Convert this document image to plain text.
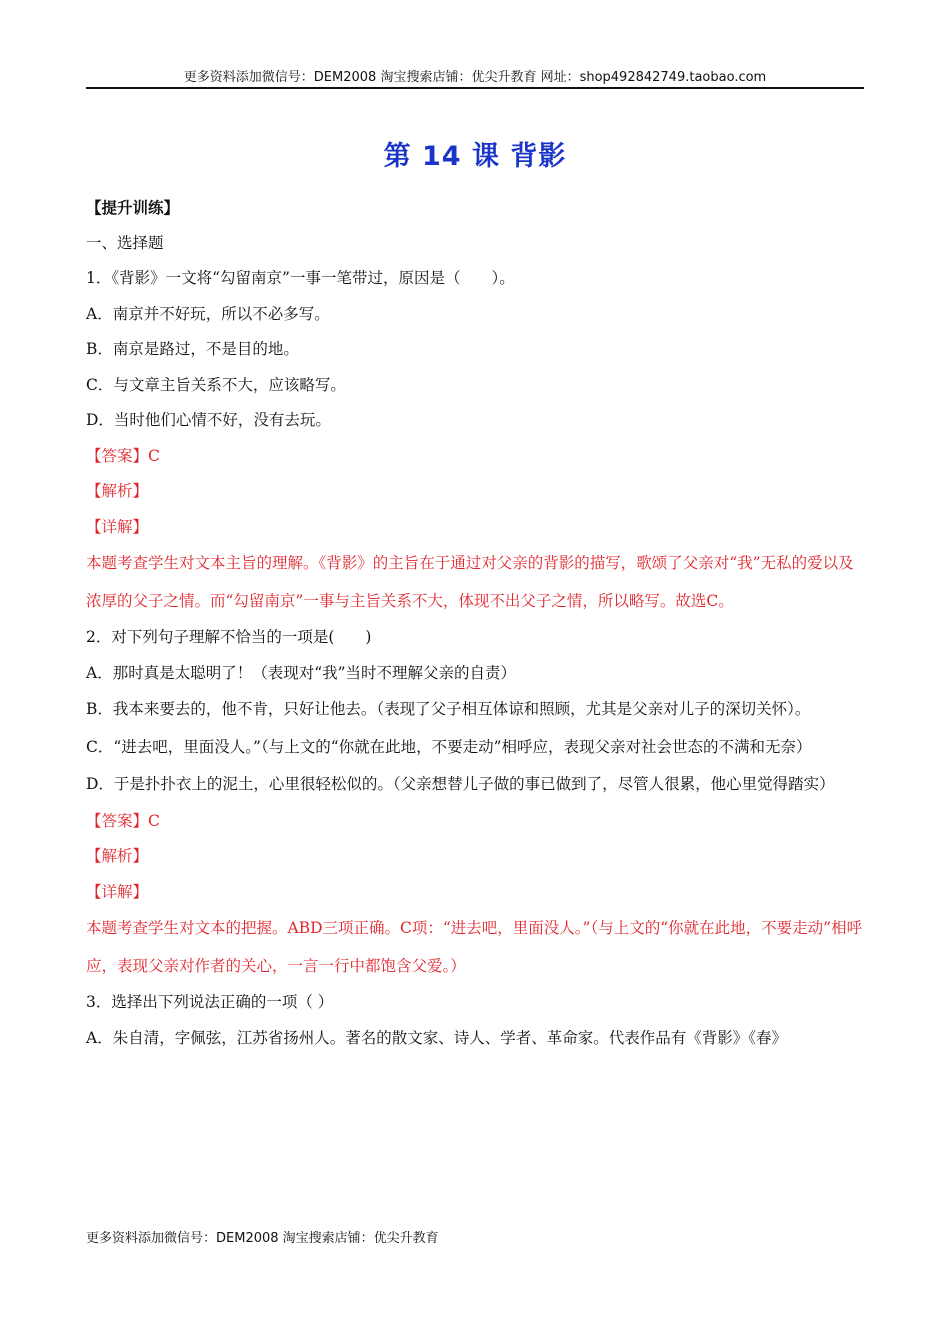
更多资料添加微信号：DEM2008 淘宝搜索店铺：优尖升教育 网址：shop492842749.taobao.com
第 14 课 背影
【提升训练】
一、选择题
1．《背影》一文将“勾留南京”一事一笔带过，原因是（　　）。
A．南京并不好玩，所以不必多写。
B．南京是路过，不是目的地。
C．与文章主旨关系不大，应该略写。
D．当时他们心情不好，没有去玩。
【答案】C
【解析】
【详解】
本题考查学生对文本主旨的理解。《背影》的主旨在于通过对父亲的背影的描写，歌颂了父亲对“我”无私的爱以及浓厚的父子之情。而“勾留南京”一事与主旨关系不大，体现不出父子之情，所以略写。故选C。
2．对下列句子理解不恰当的一项是(　　)
A．那时真是太聪明了！（表现对“我”当时不理解父亲的自责）
B．我本来要去的，他不肯，只好让他去。（表现了父子相互体谅和照顾，尤其是父亲对儿子的深切关怀）。
C．“进去吧，里面没人。”（与上文的“你就在此地，不要走动”相呼应，表现父亲对社会世态的不满和无奈）
D．于是扑扑衣上的泥土，心里很轻松似的。（父亲想替儿子做的事已做到了，尽管人很累，他心里觉得踏实）
【答案】C
【解析】
【详解】
本题考查学生对文本的把握。ABD三项正确。C项：“进去吧，里面没人。”（与上文的“你就在此地，不要走动”相呼应，表现父亲对作者的关心，一言一行中都饱含父爱。）
3．选择出下列说法正确的一项（ ）
A．朱自清，字佩弦，江苏省扬州人。著名的散文家、诗人、学者、革命家。代表作品有《背影》《春》
更多资料添加微信号：DEM2008 淘宝搜索店铺：优尖升教育
